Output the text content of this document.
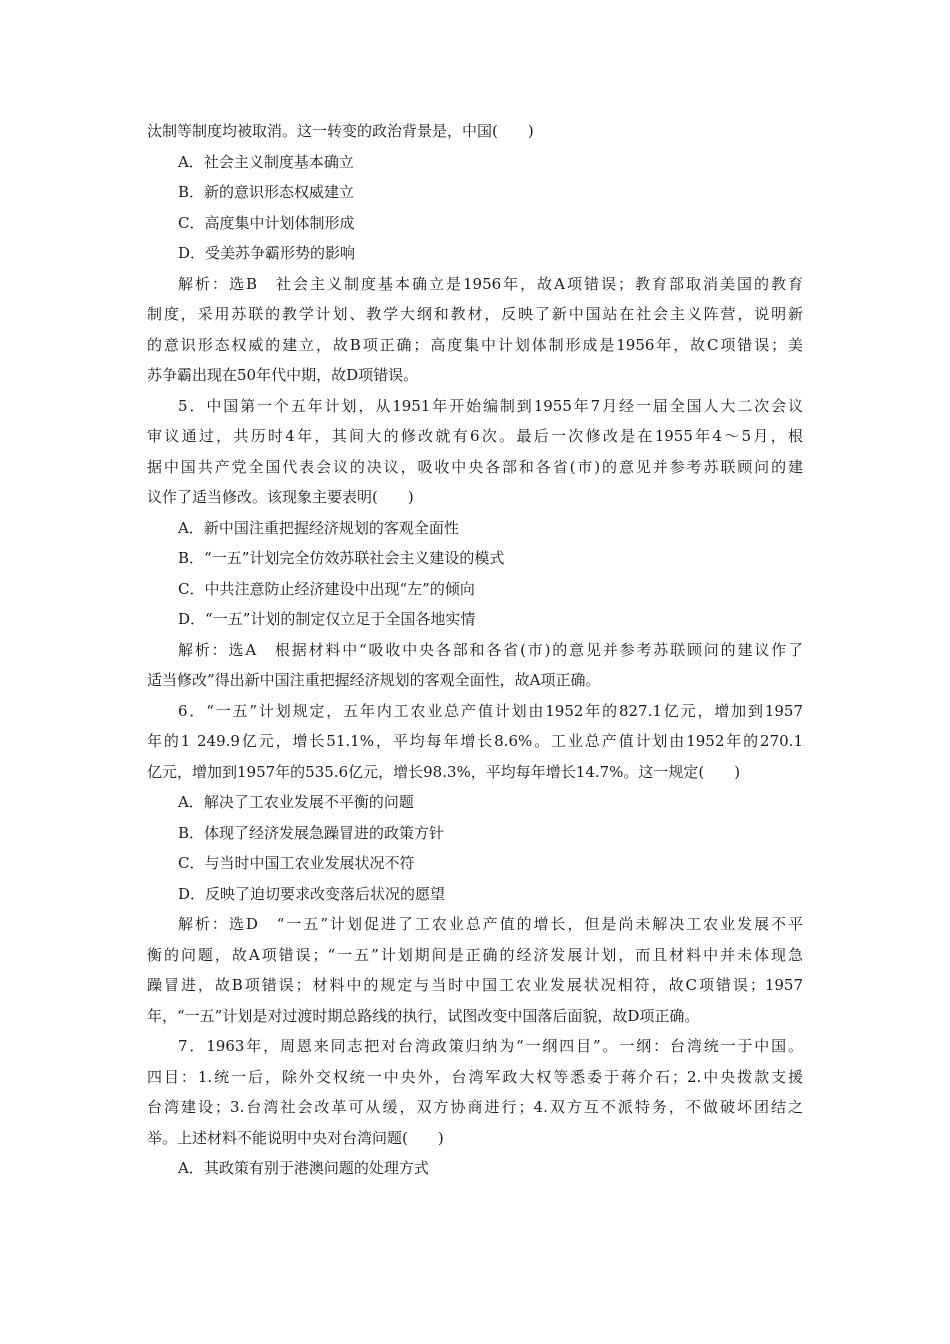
汰制等制度均被取消。这一转变的政治背景是，中国(　　)
A．社会主义制度基本确立
B．新的意识形态权威建立
C．高度集中计划体制形成
D．受美苏争霸形势的影响
解析：选B　社会主义制度基本确立是1956年，故A项错误；教育部取消美国的教育
制度，采用苏联的教学计划、教学大纲和教材，反映了新中国站在社会主义阵营，说明新
的意识形态权威的建立，故B项正确；高度集中计划体制形成是1956年，故C项错误；美
苏争霸出现在50年代中期，故D项错误。
5．中国第一个五年计划，从1951年开始编制到1955年7月经一届全国人大二次会议
审议通过，共历时4年，其间大的修改就有6次。最后一次修改是在1955年4～5月，根
据中国共产党全国代表会议的决议，吸收中央各部和各省(市)的意见并参考苏联顾问的建
议作了适当修改。该现象主要表明(　　)
A．新中国注重把握经济规划的客观全面性
B．“一五”计划完全仿效苏联社会主义建设的模式
C．中共注意防止经济建设中出现“左”的倾向
D．“一五”计划的制定仅立足于全国各地实情
解析：选A　根据材料中“吸收中央各部和各省(市)的意见并参考苏联顾问的建议作了
适当修改”得出新中国注重把握经济规划的客观全面性，故A项正确。
6．“一五”计划规定，五年内工农业总产值计划由1952年的827.1亿元，增加到1957
年的1 249.9亿元，增长51.1%，平均每年增长8.6%。工业总产值计划由1952年的270.1
亿元，增加到1957年的535.6亿元，增长98.3%，平均每年增长14.7%。这一规定(　　)
A．解决了工农业发展不平衡的问题
B．体现了经济发展急躁冒进的政策方针
C．与当时中国工农业发展状况不符
D．反映了迫切要求改变落后状况的愿望
解析：选D　“一五”计划促进了工农业总产值的增长，但是尚未解决工农业发展不平
衡的问题，故A项错误；“一五”计划期间是正确的经济发展计划，而且材料中并未体现急
躁冒进，故B项错误；材料中的规定与当时中国工农业发展状况相符，故C项错误；1957
年，“一五”计划是对过渡时期总路线的执行，试图改变中国落后面貌，故D项正确。
7．1963年，周恩来同志把对台湾政策归纳为“一纲四目”。一纲：台湾统一于中国。
四目：1.统一后，除外交权统一中央外，台湾军政大权等悉委于蒋介石；2.中央拨款支援
台湾建设；3.台湾社会改革可从缓，双方协商进行；4.双方互不派特务，不做破坏团结之
举。上述材料不能说明中央对台湾问题(　　)
A．其政策有别于港澳问题的处理方式
